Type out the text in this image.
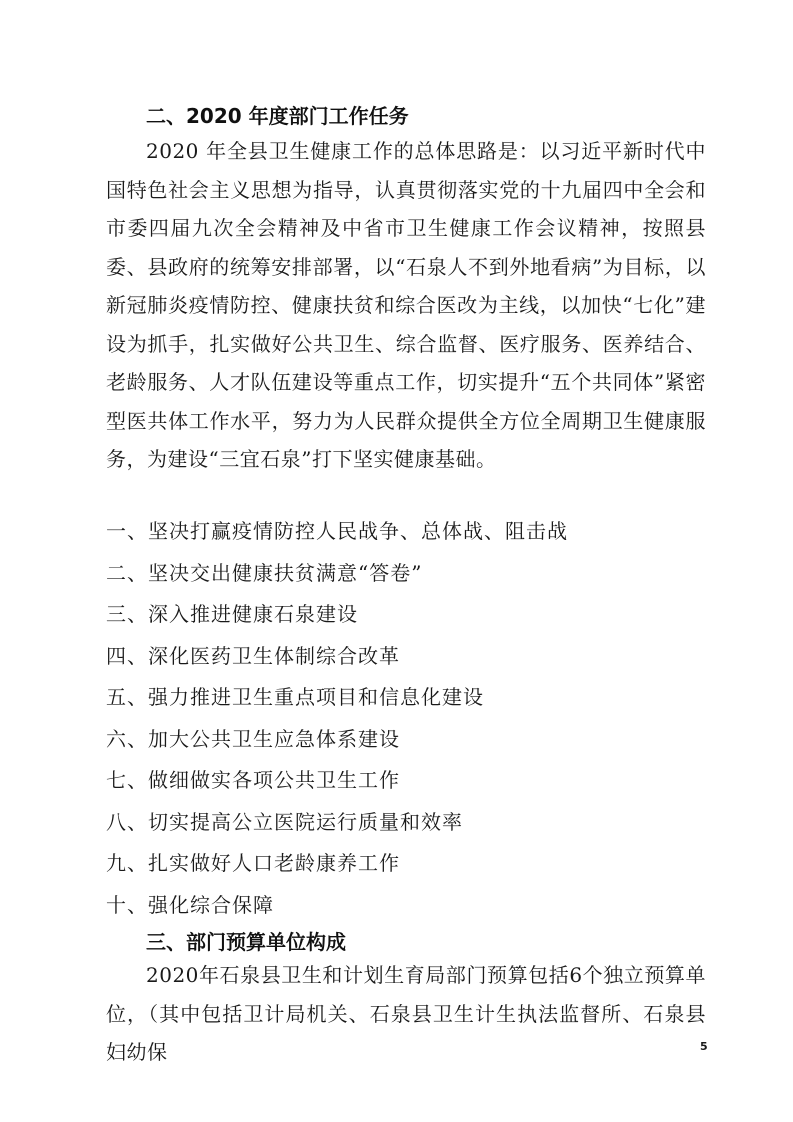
二、2020 年度部门工作任务

2020 年全县卫生健康工作的总体思路是：以习近平新时代中国特色社会主义思想为指导，认真贯彻落实党的十九届四中全会和市委四届九次全会精神及中省市卫生健康工作会议精神，按照县委、县政府的统筹安排部署，以“石泉人不到外地看病”为目标，以新冠肺炎疫情防控、健康扶贫和综合医改为主线，以加快“七化”建设为抓手，扎实做好公共卫生、综合监督、医疗服务、医养结合、老龄服务、人才队伍建设等重点工作，切实提升“五个共同体”紧密型医共体工作水平，努力为人民群众提供全方位全周期卫生健康服务，为建设“三宜石泉”打下坚实健康基础。

一、坚决打赢疫情防控人民战争、总体战、阻击战
二、坚决交出健康扶贫满意“答卷”
三、深入推进健康石泉建设
四、深化医药卫生体制综合改革
五、强力推进卫生重点项目和信息化建设
六、加大公共卫生应急体系建设
七、做细做实各项公共卫生工作
八、切实提高公立医院运行质量和效率
九、扎实做好人口老龄康养工作
十、强化综合保障
三、部门预算单位构成

2020年石泉县卫生和计划生育局部门预算包括6个独立预算单位，（其中包括卫计局机关、石泉县卫生计生执法监督所、石泉县妇幼保	5
